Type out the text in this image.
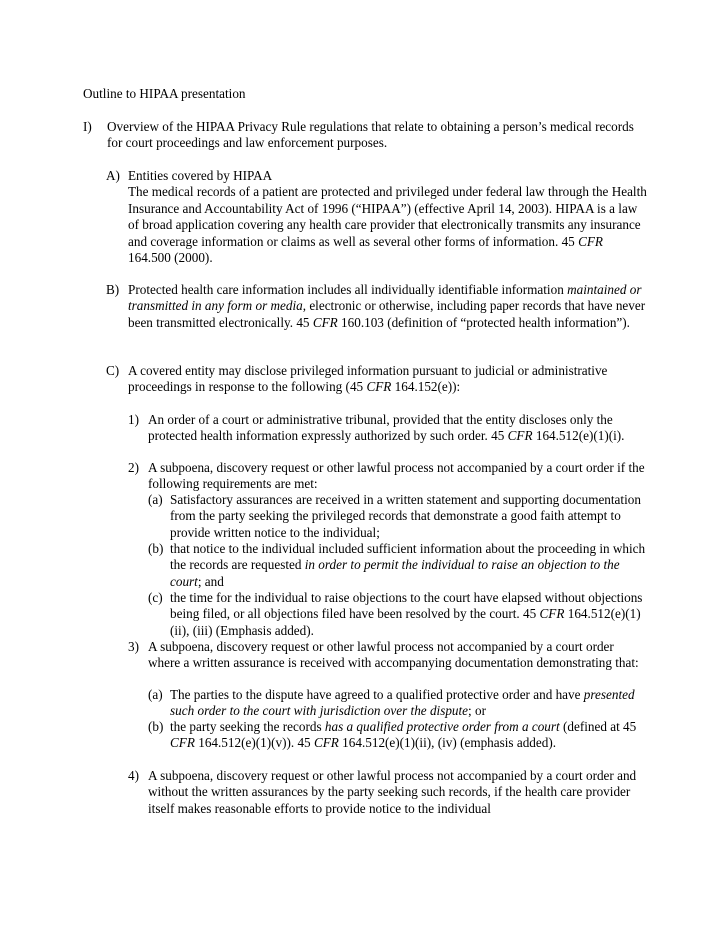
Outline to HIPAA presentation

I) Overview of the HIPAA Privacy Rule regulations that relate to obtaining a person’s medical records for court proceedings and law enforcement purposes.

A) Entities covered by HIPAA

The medical records of a patient are protected and privileged under federal law through the Health Insurance and Accountability Act of 1996 (“HIPAA”) (effective April 14, 2003). HIPAA is a law of broad application covering any health care provider that electronically transmits any insurance and coverage information or claims as well as several other forms of information. 45 CFR 164.500 (2000).

B) Protected health care information includes all individually identifiable information maintained or transmitted in any form or media, electronic or otherwise, including paper records that have never been transmitted electronically. 45 CFR 160.103 (definition of “protected health information”).

C) A covered entity may disclose privileged information pursuant to judicial or administrative proceedings in response to the following (45 CFR 164.152(e)):

1) An order of a court or administrative tribunal, provided that the entity discloses only the protected health information expressly authorized by such order. 45 CFR 164.512(e)(1)(i).

2) A subpoena, discovery request or other lawful process not accompanied by a court order if the following requirements are met:

(a) Satisfactory assurances are received in a written statement and supporting documentation from the party seeking the privileged records that demonstrate a good faith attempt to provide written notice to the individual;

(b) that notice to the individual included sufficient information about the proceeding in which the records are requested in order to permit the individual to raise an objection to the court; and

(c) the time for the individual to raise objections to the court have elapsed without objections being filed, or all objections filed have been resolved by the court. 45 CFR 164.512(e)(1)(ii), (iii) (Emphasis added).

3) A subpoena, discovery request or other lawful process not accompanied by a court order where a written assurance is received with accompanying documentation demonstrating that:

(a) The parties to the dispute have agreed to a qualified protective order and have presented such order to the court with jurisdiction over the dispute; or

(b) the party seeking the records has a qualified protective order from a court (defined at 45 CFR 164.512(e)(1)(v)). 45 CFR 164.512(e)(1)(ii), (iv) (emphasis added).

4) A subpoena, discovery request or other lawful process not accompanied by a court order and without the written assurances by the party seeking such records, if the health care provider itself makes reasonable efforts to provide notice to the individual
